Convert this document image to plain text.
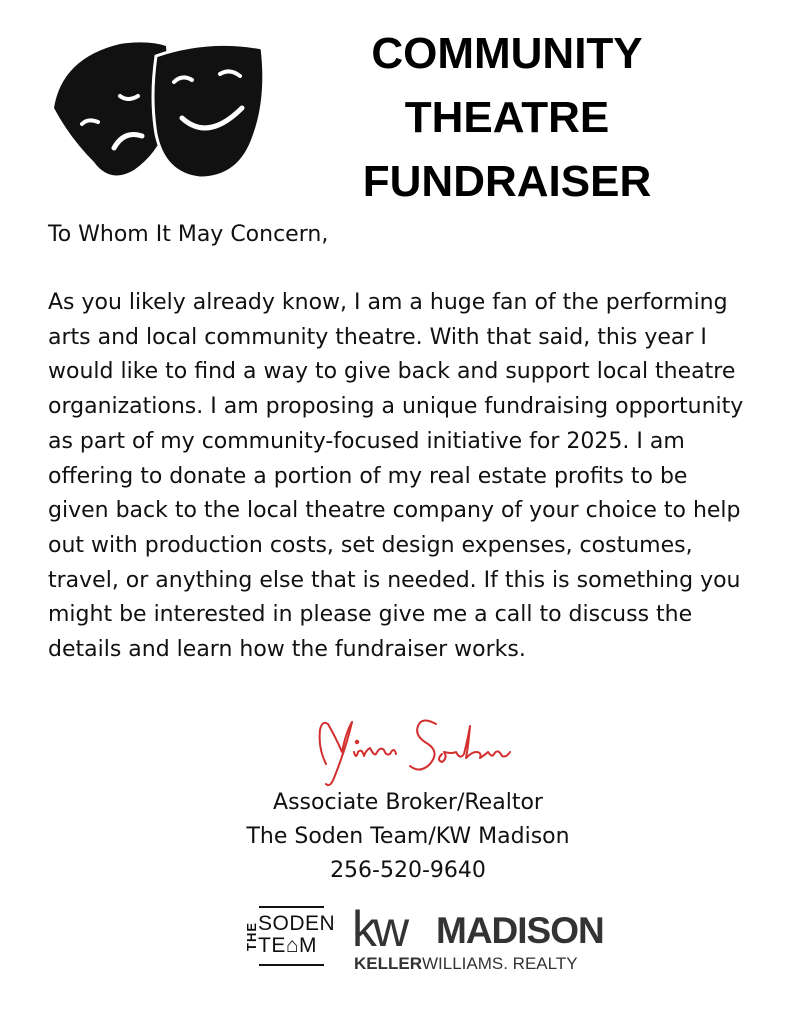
COMMUNITY
THEATRE
FUNDRAISER
To Whom It May Concern,

As you likely already know, I am a huge fan of the performing arts and local community theatre. With that said, this year I would like to find a way to give back and support local theatre organizations. I am proposing a unique fundraising opportunity as part of my community-focused initiative for 2025. I am offering to donate a portion of my real estate profits to be given back to the local theatre company of your choice to help out with production costs, set design expenses, costumes, travel, or anything else that is needed. If this is something you might be interested in please give me a call to discuss the details and learn how the fundraiser works.

Associate Broker/Realtor
The Soden Team/KW Madison
256-520-9640
THE SODEN
TE⌂M kw MADISON
KELLERWILLIAMS. REALTY
